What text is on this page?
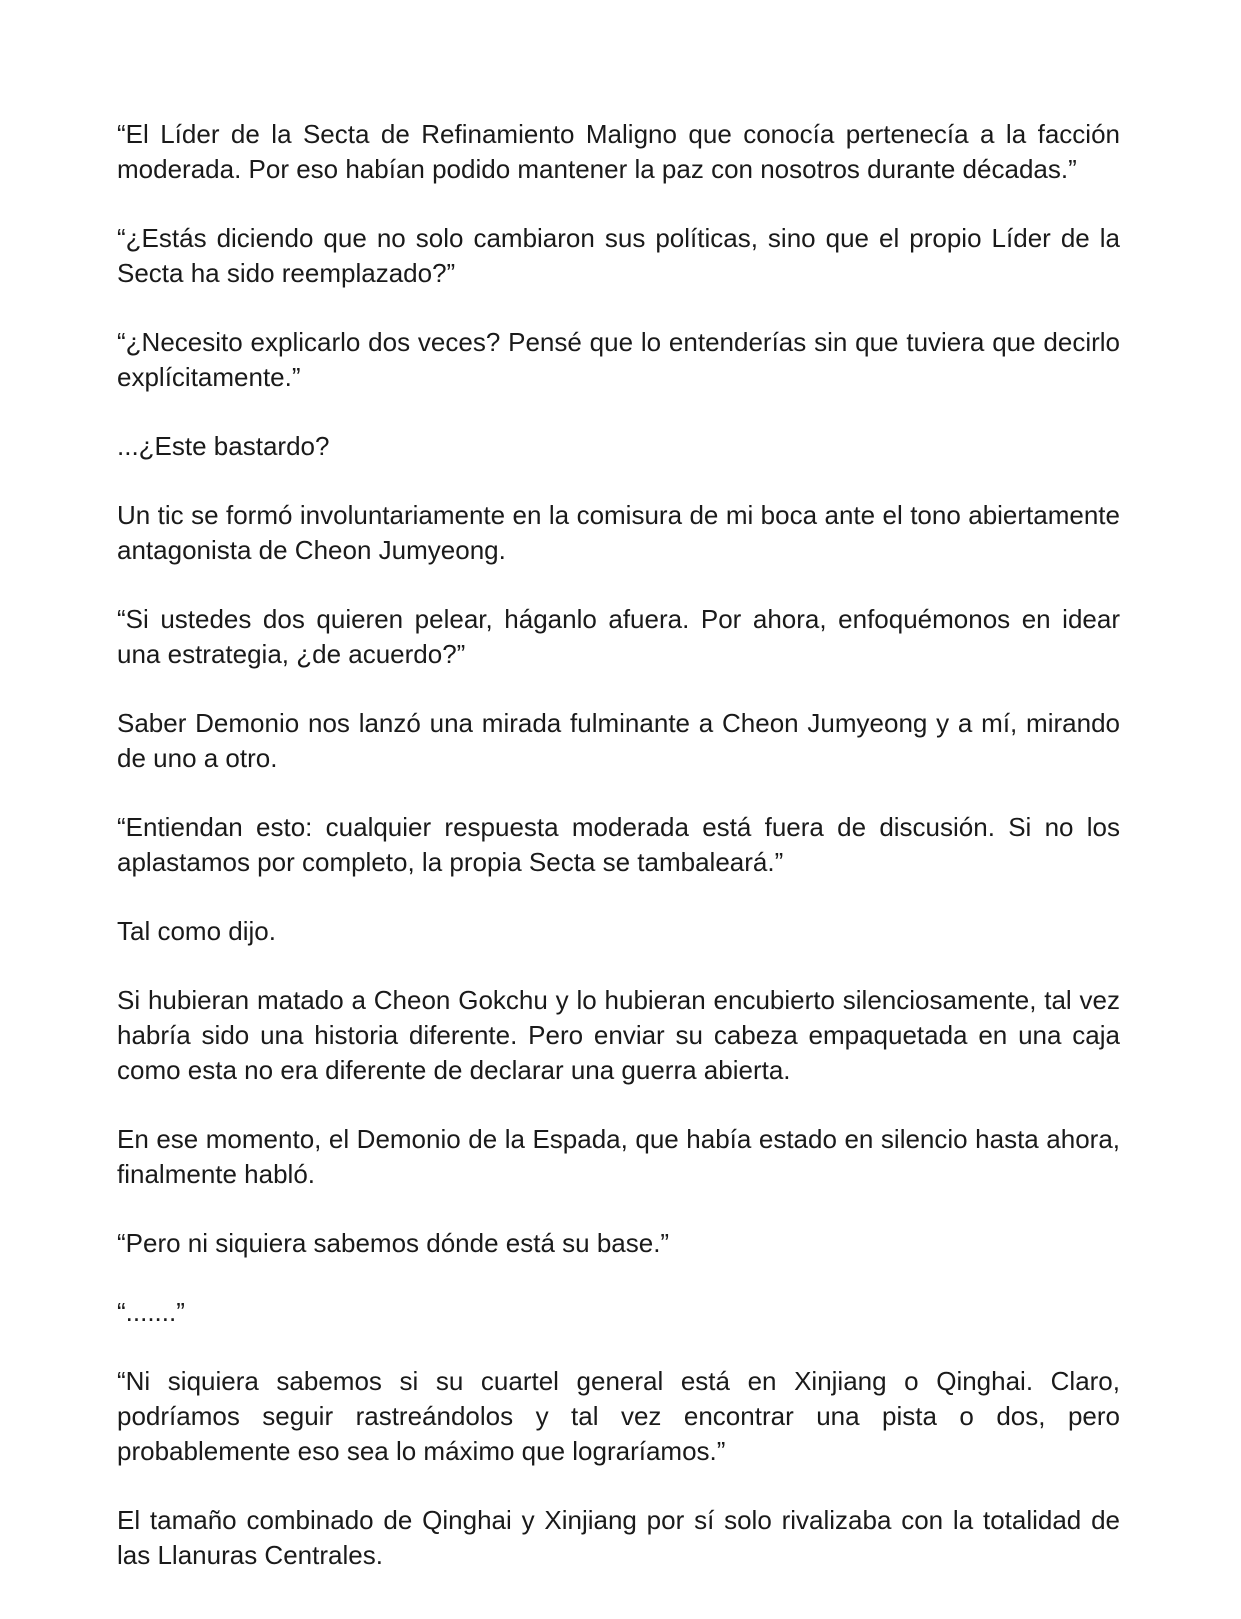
“El Líder de la Secta de Refinamiento Maligno que conocía pertenecía a la facción moderada. Por eso habían podido mantener la paz con nosotros durante décadas.”

“¿Estás diciendo que no solo cambiaron sus políticas, sino que el propio Líder de la Secta ha sido reemplazado?”

“¿Necesito explicarlo dos veces? Pensé que lo entenderías sin que tuviera que decirlo explícitamente.”

...¿Este bastardo?

Un tic se formó involuntariamente en la comisura de mi boca ante el tono abiertamente antagonista de Cheon Jumyeong.

“Si ustedes dos quieren pelear, háganlo afuera. Por ahora, enfoquémonos en idear una estrategia, ¿de acuerdo?”

Saber Demonio nos lanzó una mirada fulminante a Cheon Jumyeong y a mí, mirando de uno a otro.

“Entiendan esto: cualquier respuesta moderada está fuera de discusión. Si no los aplastamos por completo, la propia Secta se tambaleará.”

Tal como dijo.

Si hubieran matado a Cheon Gokchu y lo hubieran encubierto silenciosamente, tal vez habría sido una historia diferente. Pero enviar su cabeza empaquetada en una caja como esta no era diferente de declarar una guerra abierta.

En ese momento, el Demonio de la Espada, que había estado en silencio hasta ahora, finalmente habló.

“Pero ni siquiera sabemos dónde está su base.”

“.......”

“Ni siquiera sabemos si su cuartel general está en Xinjiang o Qinghai. Claro, podríamos seguir rastreándolos y tal vez encontrar una pista o dos, pero probablemente eso sea lo máximo que lograríamos.”

El tamaño combinado de Qinghai y Xinjiang por sí solo rivalizaba con la totalidad de las Llanuras Centrales.
